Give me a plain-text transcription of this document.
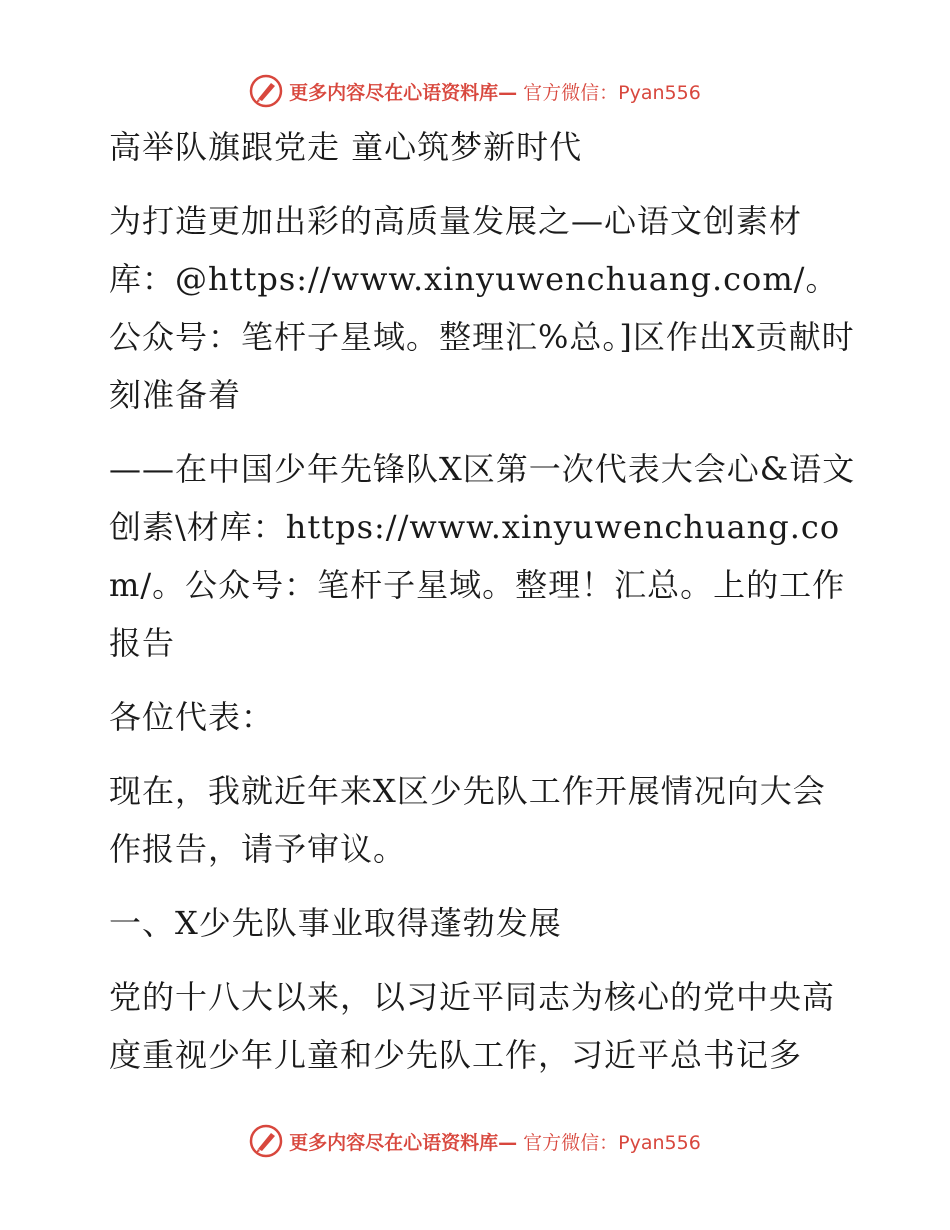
更多内容尽在心语资料库— 官方微信：Pyan556

高举队旗跟党走 童心筑梦新时代

为打造更加出彩的高质量发展之—心语文创素材库：@https://www.xinyuwenchuang.com/。公众号：笔杆子星域。整理汇%总。]区作出X贡献时刻准备着

——在中国少年先锋队X区第一次代表大会心&语文创素\材库：https://www.xinyuwenchuang.com/。公众号：笔杆子星域。整理！汇总。上的工作报告

各位代表：

现在，我就近年来X区少先队工作开展情况向大会作报告，请予审议。

一、X少先队事业取得蓬勃发展

党的十八大以来，以习近平同志为核心的党中央高度重视少年儿童和少先队工作，习近平总书记多

更多内容尽在心语资料库— 官方微信：Pyan556
